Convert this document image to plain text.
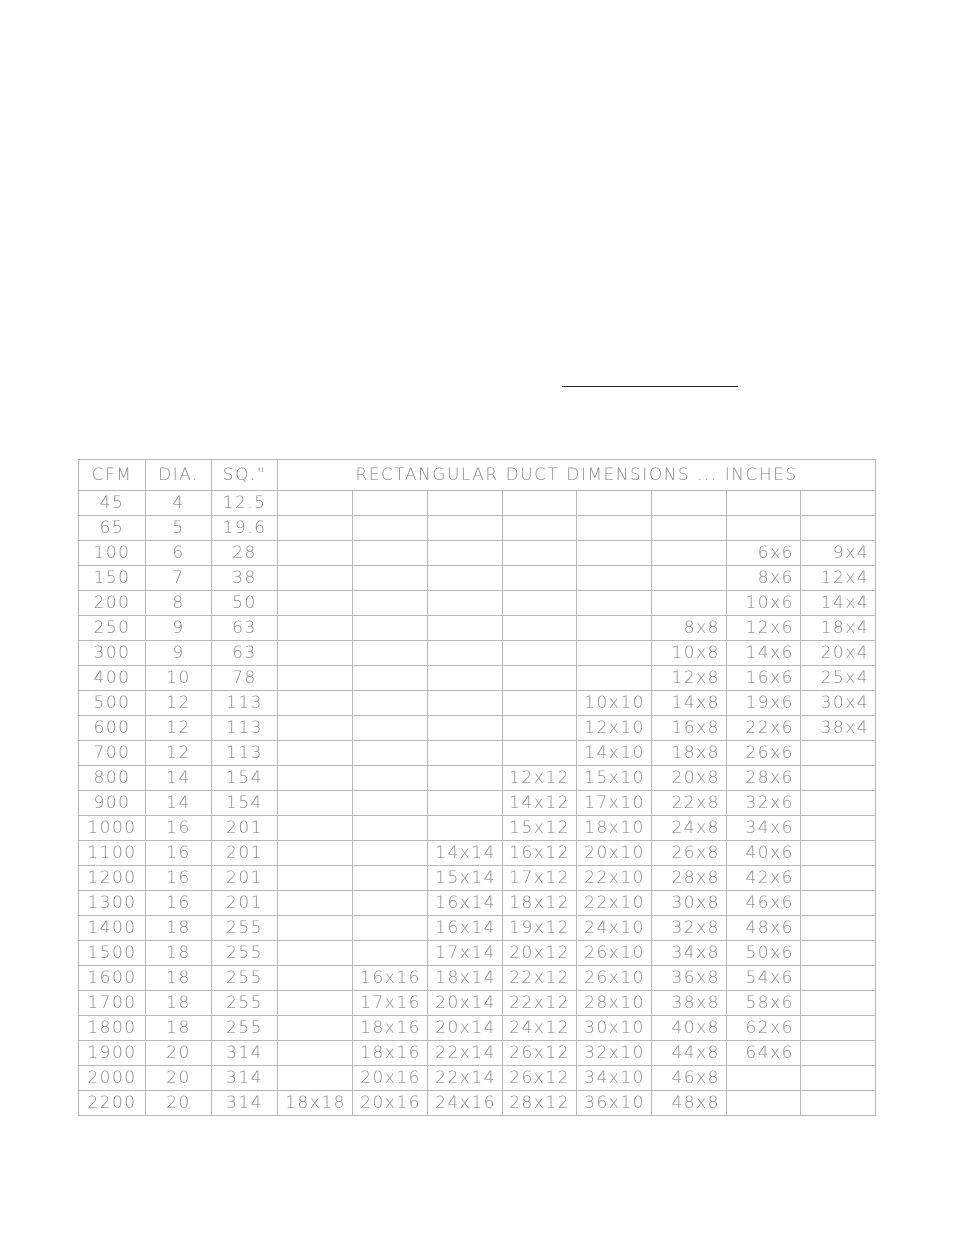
CFM	DIA.	SQ."	RECTANGULAR DUCT DIMENSIONS ... INCHES							
45	4	12.5								
65	5	19.6								
100	6	28							6x6	9x4
150	7	38							8x6	12x4
200	8	50							10x6	14x4
250	9	63						8x8	12x6	18x4
300	9	63						10x8	14x6	20x4
400	10	78						12x8	16x6	25x4
500	12	113					10x10	14x8	19x6	30x4
600	12	113					12x10	16x8	22x6	38x4
700	12	113					14x10	18x8	26x6	
800	14	154				12x12	15x10	20x8	28x6	
900	14	154				14x12	17x10	22x8	32x6	
1000	16	201				15x12	18x10	24x8	34x6	
1100	16	201			14x14	16x12	20x10	26x8	40x6	
1200	16	201			15x14	17x12	22x10	28x8	42x6	
1300	16	201			16x14	18x12	22x10	30x8	46x6	
1400	18	255			16x14	19x12	24x10	32x8	48x6	
1500	18	255			17x14	20x12	26x10	34x8	50x6	
1600	18	255		16x16	18x14	22x12	26x10	36x8	54x6	
1700	18	255		17x16	20x14	22x12	28x10	38x8	58x6	
1800	18	255		18x16	20x14	24x12	30x10	40x8	62x6	
1900	20	314		18x16	22x14	26x12	32x10	44x8	64x6	
2000	20	314		20x16	22x14	26x12	34x10	46x8		
2200	20	314	18x18	20x16	24x16	28x12	36x10	48x8		
